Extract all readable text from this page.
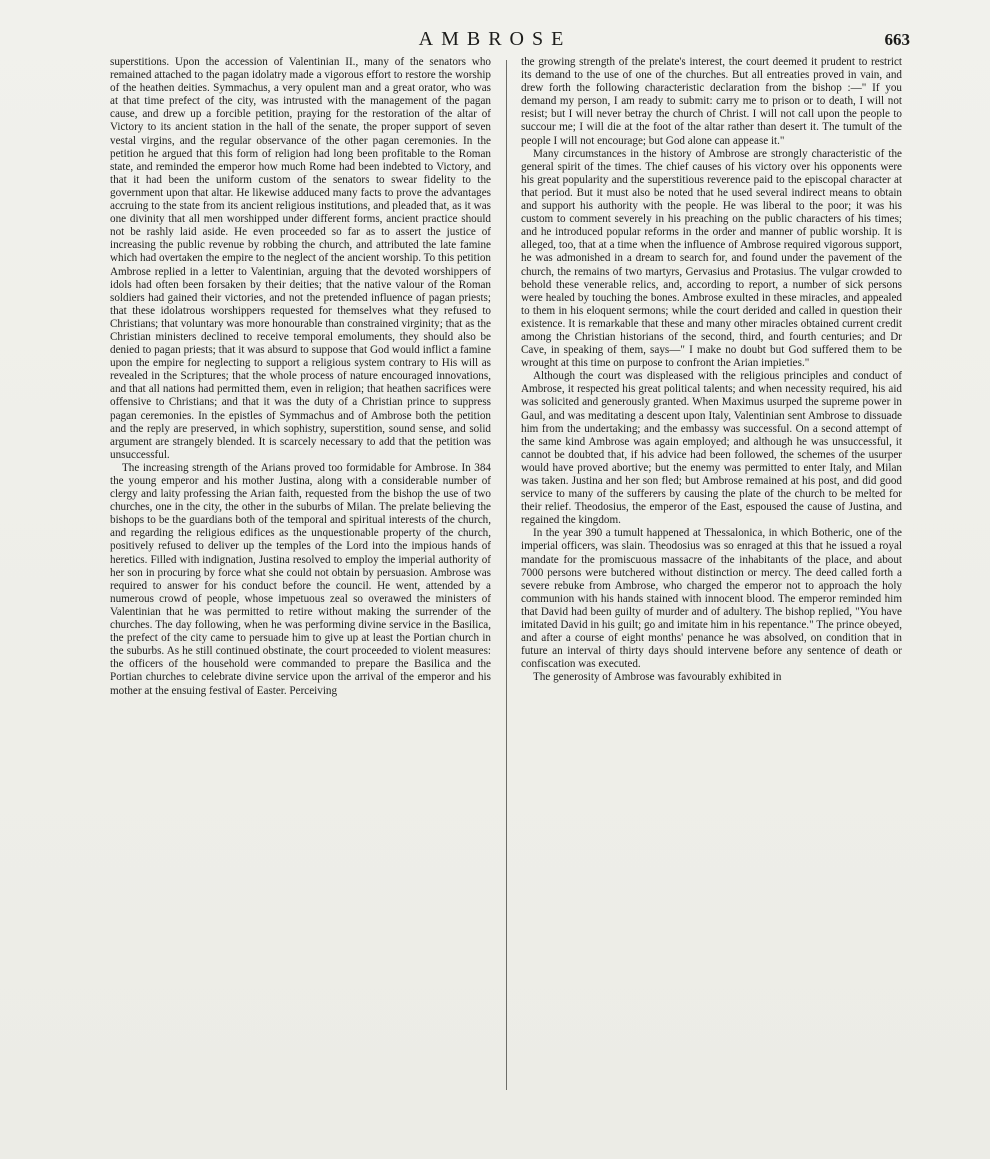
AMBROSE	663

superstitions. Upon the accession of Valentinian II., many of the senators who remained attached to the pagan idolatry made a vigorous effort to restore the worship of the heathen deities. Symmachus, a very opulent man and a great orator, who was at that time prefect of the city, was intrusted with the management of the pagan cause, and drew up a forcible petition, praying for the restoration of the altar of Victory to its ancient station in the hall of the senate, the proper support of seven vestal virgins, and the regular observance of the other pagan ceremonies. In the petition he argued that this form of religion had long been profitable to the Roman state, and reminded the emperor how much Rome had been indebted to Victory, and that it had been the uniform custom of the senators to swear fidelity to the government upon that altar. He likewise adduced many facts to prove the advantages accruing to the state from its ancient religious institutions, and pleaded that, as it was one divinity that all men worshipped under different forms, ancient practice should not be rashly laid aside. He even proceeded so far as to assert the justice of increasing the public revenue by robbing the church, and attributed the late famine which had overtaken the empire to the neglect of the ancient worship. To this petition Ambrose replied in a letter to Valentinian, arguing that the devoted worshippers of idols had often been forsaken by their deities; that the native valour of the Roman soldiers had gained their victories, and not the pretended influence of pagan priests; that these idolatrous worshippers requested for themselves what they refused to Christians; that voluntary was more honourable than constrained virginity; that as the Christian ministers declined to receive temporal emoluments, they should also be denied to pagan priests; that it was absurd to suppose that God would inflict a famine upon the empire for neglecting to support a religious system contrary to His will as revealed in the Scriptures; that the whole process of nature encouraged innovations, and that all nations had permitted them, even in religion; that heathen sacrifices were offensive to Christians; and that it was the duty of a Christian prince to suppress pagan ceremonies. In the epistles of Symmachus and of Ambrose both the petition and the reply are preserved, in which sophistry, superstition, sound sense, and solid argument are strangely blended. It is scarcely necessary to add that the petition was unsuccessful.

The increasing strength of the Arians proved too formidable for Ambrose. In 384 the young emperor and his mother Justina, along with a considerable number of clergy and laity professing the Arian faith, requested from the bishop the use of two churches, one in the city, the other in the suburbs of Milan. The prelate believing the bishops to be the guardians both of the temporal and spiritual interests of the church, and regarding the religious edifices as the unquestionable property of the church, positively refused to deliver up the temples of the Lord into the impious hands of heretics. Filled with indignation, Justina resolved to employ the imperial authority of her son in procuring by force what she could not obtain by persuasion. Ambrose was required to answer for his conduct before the council. He went, attended by a numerous crowd of people, whose impetuous zeal so overawed the ministers of Valentinian that he was permitted to retire without making the surrender of the churches. The day following, when he was performing divine service in the Basilica, the prefect of the city came to persuade him to give up at least the Portian church in the suburbs. As he still continued obstinate, the court proceeded to violent measures: the officers of the household were commanded to prepare the Basilica and the Portian churches to celebrate divine service upon the arrival of the emperor and his mother at the ensuing festival of Easter. Perceiving

the growing strength of the prelate's interest, the court deemed it prudent to restrict its demand to the use of one of the churches. But all entreaties proved in vain, and drew forth the following characteristic declaration from the bishop :—" If you demand my person, I am ready to submit: carry me to prison or to death, I will not resist; but I will never betray the church of Christ. I will not call upon the people to succour me; I will die at the foot of the altar rather than desert it. The tumult of the people I will not encourage; but God alone can appease it."

Many circumstances in the history of Ambrose are strongly characteristic of the general spirit of the times. The chief causes of his victory over his opponents were his great popularity and the superstitious reverence paid to the episcopal character at that period. But it must also be noted that he used several indirect means to obtain and support his authority with the people. He was liberal to the poor; it was his custom to comment severely in his preaching on the public characters of his times; and he introduced popular reforms in the order and manner of public worship. It is alleged, too, that at a time when the influence of Ambrose required vigorous support, he was admonished in a dream to search for, and found under the pavement of the church, the remains of two martyrs, Gervasius and Protasius. The vulgar crowded to behold these venerable relics, and, according to report, a number of sick persons were healed by touching the bones. Ambrose exulted in these miracles, and appealed to them in his eloquent sermons; while the court derided and called in question their existence. It is remarkable that these and many other miracles obtained current credit among the Christian historians of the second, third, and fourth centuries; and Dr Cave, in speaking of them, says—" I make no doubt but God suffered them to be wrought at this time on purpose to confront the Arian impieties."

Although the court was displeased with the religious principles and conduct of Ambrose, it respected his great political talents; and when necessity required, his aid was solicited and generously granted. When Maximus usurped the supreme power in Gaul, and was meditating a descent upon Italy, Valentinian sent Ambrose to dissuade him from the undertaking; and the embassy was successful. On a second attempt of the same kind Ambrose was again employed; and although he was unsuccessful, it cannot be doubted that, if his advice had been followed, the schemes of the usurper would have proved abortive; but the enemy was permitted to enter Italy, and Milan was taken. Justina and her son fled; but Ambrose remained at his post, and did good service to many of the sufferers by causing the plate of the church to be melted for their relief. Theodosius, the emperor of the East, espoused the cause of Justina, and regained the kingdom.

In the year 390 a tumult happened at Thessalonica, in which Botheric, one of the imperial officers, was slain. Theodosius was so enraged at this that he issued a royal mandate for the promiscuous massacre of the inhabitants of the place, and about 7000 persons were butchered without distinction or mercy. The deed called forth a severe rebuke from Ambrose, who charged the emperor not to approach the holy communion with his hands stained with innocent blood. The emperor reminded him that David had been guilty of murder and of adultery. The bishop replied, "You have imitated David in his guilt; go and imitate him in his repentance." The prince obeyed, and after a course of eight months' penance he was absolved, on condition that in future an interval of thirty days should intervene before any sentence of death or confiscation was executed.

The generosity of Ambrose was favourably exhibited in
